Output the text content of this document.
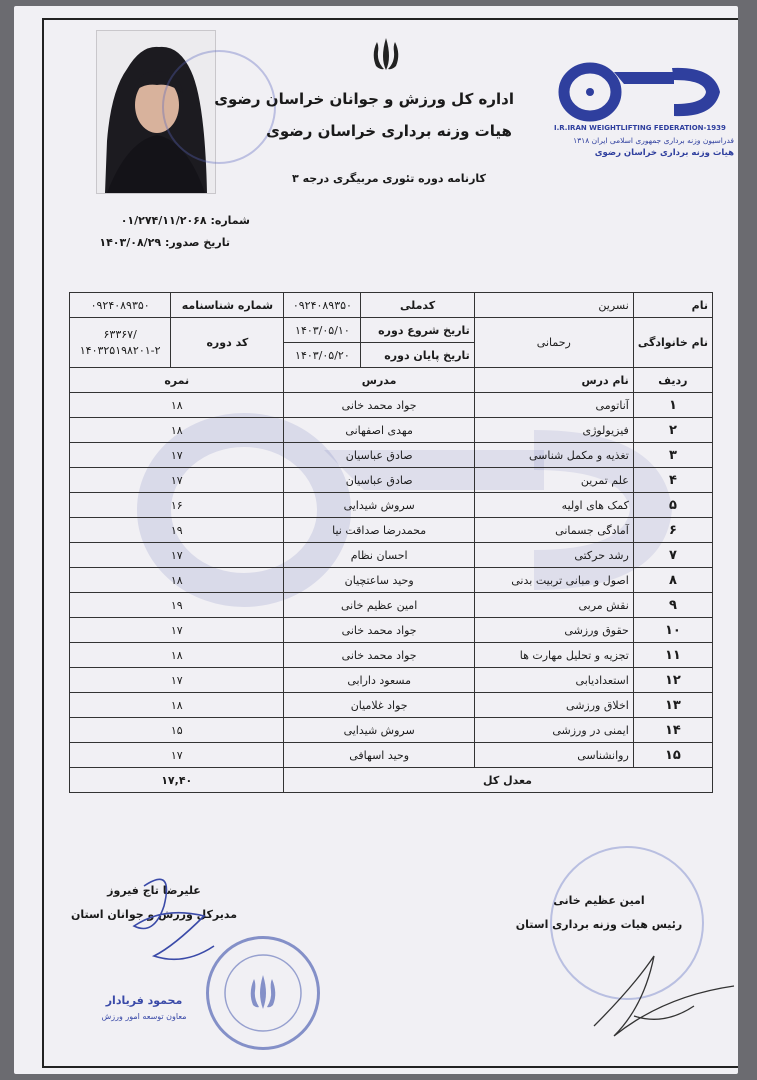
اداره کل ورزش و جوانان خراسان رضوی
هیات وزنه برداری خراسان رضوی
کارنامه دوره تئوری مربیگری درجه ۳
I.R.IRAN WEIGHTLIFTING FEDERATION-1939
فدراسیون وزنه برداری جمهوری اسلامی ایران ۱۳۱۸
هیات وزنه برداری خراسان رضوی
شماره: ۰۱/۲۷۴/۱۱/۲۰۶۸
تاریخ صدور: ۱۴۰۳/۰۸/۲۹
نام	نسرین	کدملی	۰۹۲۴۰۸۹۳۵۰	شماره شناسنامه	۰۹۲۴۰۸۹۳۵۰
نام خانوادگی	رحمانی	تاریخ شروع دوره	۱۴۰۳/۰۵/۱۰	کد دوره	/۶۳۳۶۷
۱۴۰۳۲۵۱۹۸۲۰۱-۲

		تاریخ پایان دوره	۱۴۰۳/۰۵/۲۰		
ردیف	نام درس	مدرس		نمره	
۱	آناتومی	جواد محمد خانی		۱۸	
۲	فیزیولوژی	مهدی اصفهانی		۱۸	
۳	تغذیه و مکمل شناسی	صادق عباسیان		۱۷	
۴	علم تمرین	صادق عباسیان		۱۷	
۵	کمک های اولیه	سروش شیدایی		۱۶	
۶	آمادگی جسمانی	محمدرضا صداقت نیا		۱۹	
۷	رشد حرکتی	احسان نظام		۱۷	
۸	اصول و مبانی تربیت بدنی	وحید ساعتچیان		۱۸	
۹	نقش مربی	امین عظیم خانی		۱۹	
۱۰	حقوق ورزشی	جواد محمد خانی		۱۷	
۱۱	تجزیه و تحلیل مهارت ها	جواد محمد خانی		۱۸	
۱۲	استعدادیابی	مسعود دارابی		۱۷	
۱۳	اخلاق ورزشی	جواد غلامیان		۱۸	
۱۴	ایمنی در ورزشی	سروش شیدایی		۱۵	
۱۵	روانشناسی	وحید اسهافی		۱۷	
معدل کل				۱۷,۴۰	
امین عظیم خانی
رئیس هیات وزنه برداری استان
علیرضا تاج فیروز
مدیرکل ورزش و جوانان استان
محمود فریادار
معاون توسعه امور ورزش
